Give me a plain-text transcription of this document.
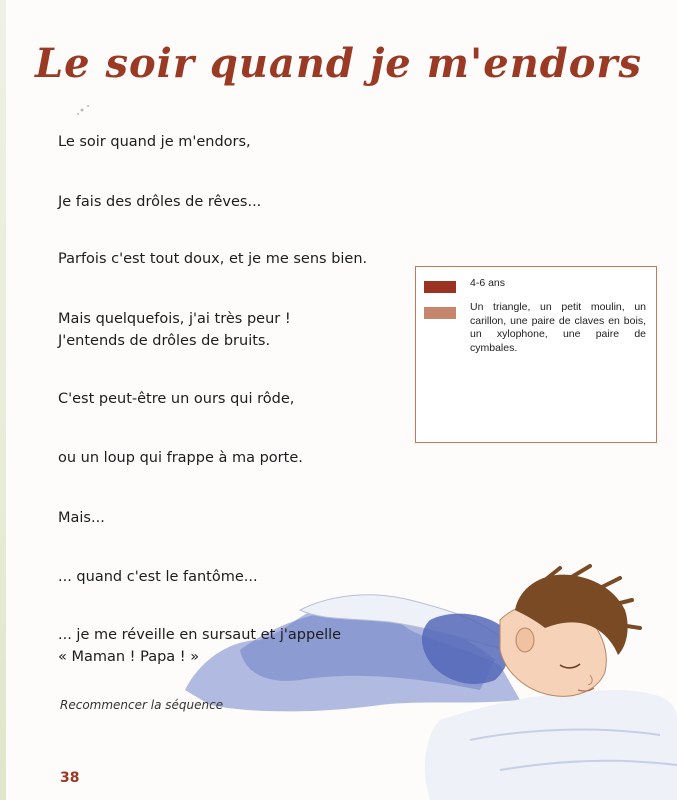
Le soir quand je m'endors
Le soir quand je m'endors,
Je fais des drôles de rêves...
Parfois c'est tout doux, et je me sens bien.
Mais quelquefois, j'ai très peur !
J'entends de drôles de bruits.
C'est peut-être un ours qui rôde,
ou un loup qui frappe à ma porte.
Mais...
... quand c'est le fantôme...
... je me réveille en sursaut et j'appelle
« Maman ! Papa ! »
4-6 ans
Un triangle, un petit moulin, un carillon, une paire de claves en bois, un xylophone, une paire de cymbales.
Recommencer la séquence
38
